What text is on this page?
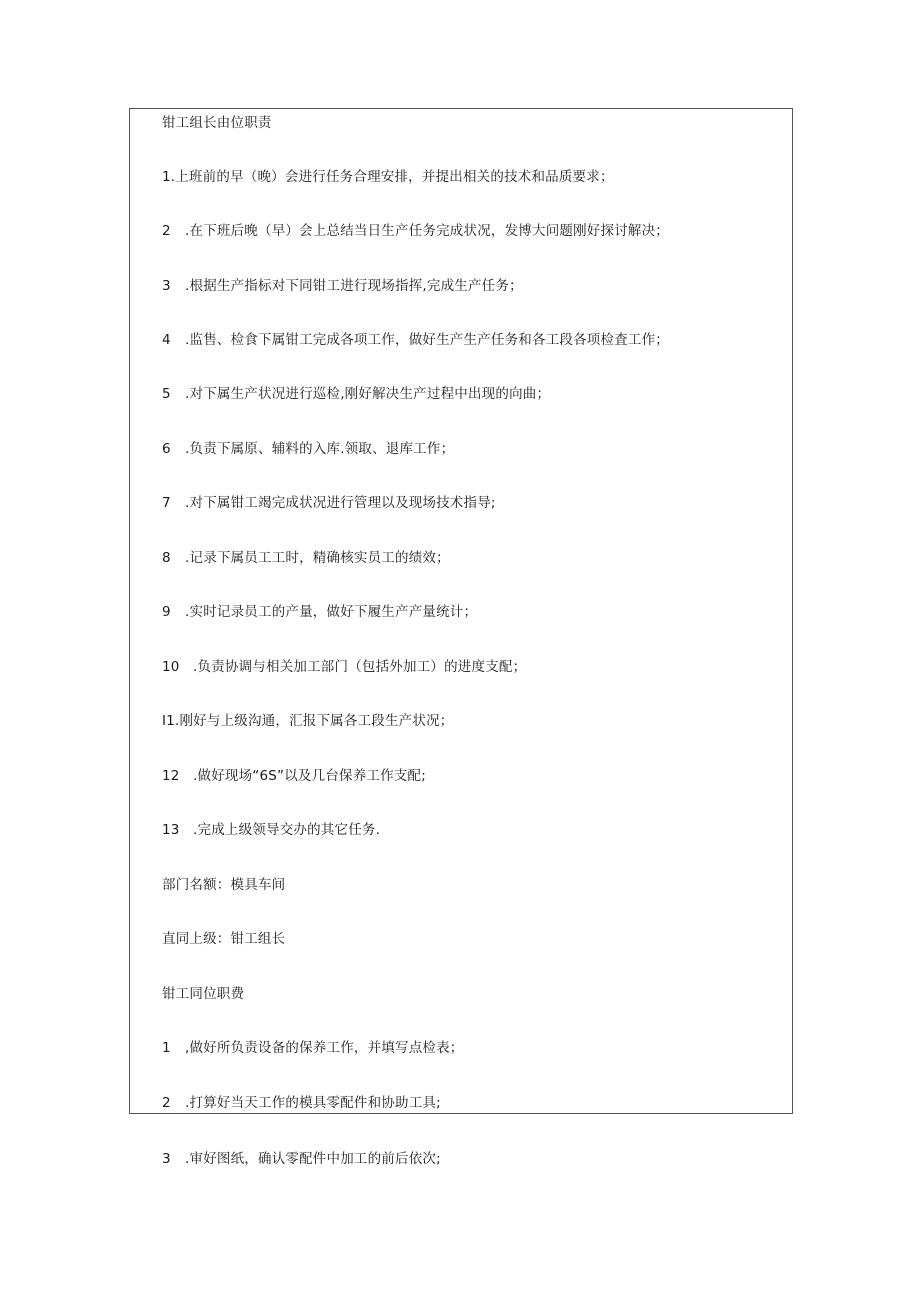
钳工组长由位职责
1.上班前的早（晚）会进行任务合理安排，并提出相关的技术和品质要求；
2 .在下班后晚（早）会上总结当日生产任务完成状况，发博大问题刚好探讨解决；
3 .根据生产指标对下同钳工进行现场指挥,完成生产任务；
4 .监售、检食下属钳工完成各项工作，做好生产生产任务和各工段各项检査工作；
5 .对下属生产状况进行巡检,刚好解决生产过程中出现的向曲；
6 .负责下属原、辅料的入库.领取、退库工作；
7 .对下属钳工竭完成状况进行管理以及现场技术指导;
8 .记录下属员工工时，精确核实员工的绩效；
9 .实时记录员工的产量，做好下履生产产量统计；
10 .负责协调与相关加工部门（包括外加工）的进度支配；
I1.刚好与上级沟通，汇报下属各工段生产状况；
12 .做好现场“6S”以及几台保养工作支配;
13 .完成上级领导交办的其它任务.
部门名额：模具车间
直同上级：钳工组长
钳工同位职费
1 ,做好所负责设备的保养工作，并填写点检表；
2 .打算好当天工作的模具零配件和协助工具;
3 .审好图纸，确认零配件中加工的前后依次;
